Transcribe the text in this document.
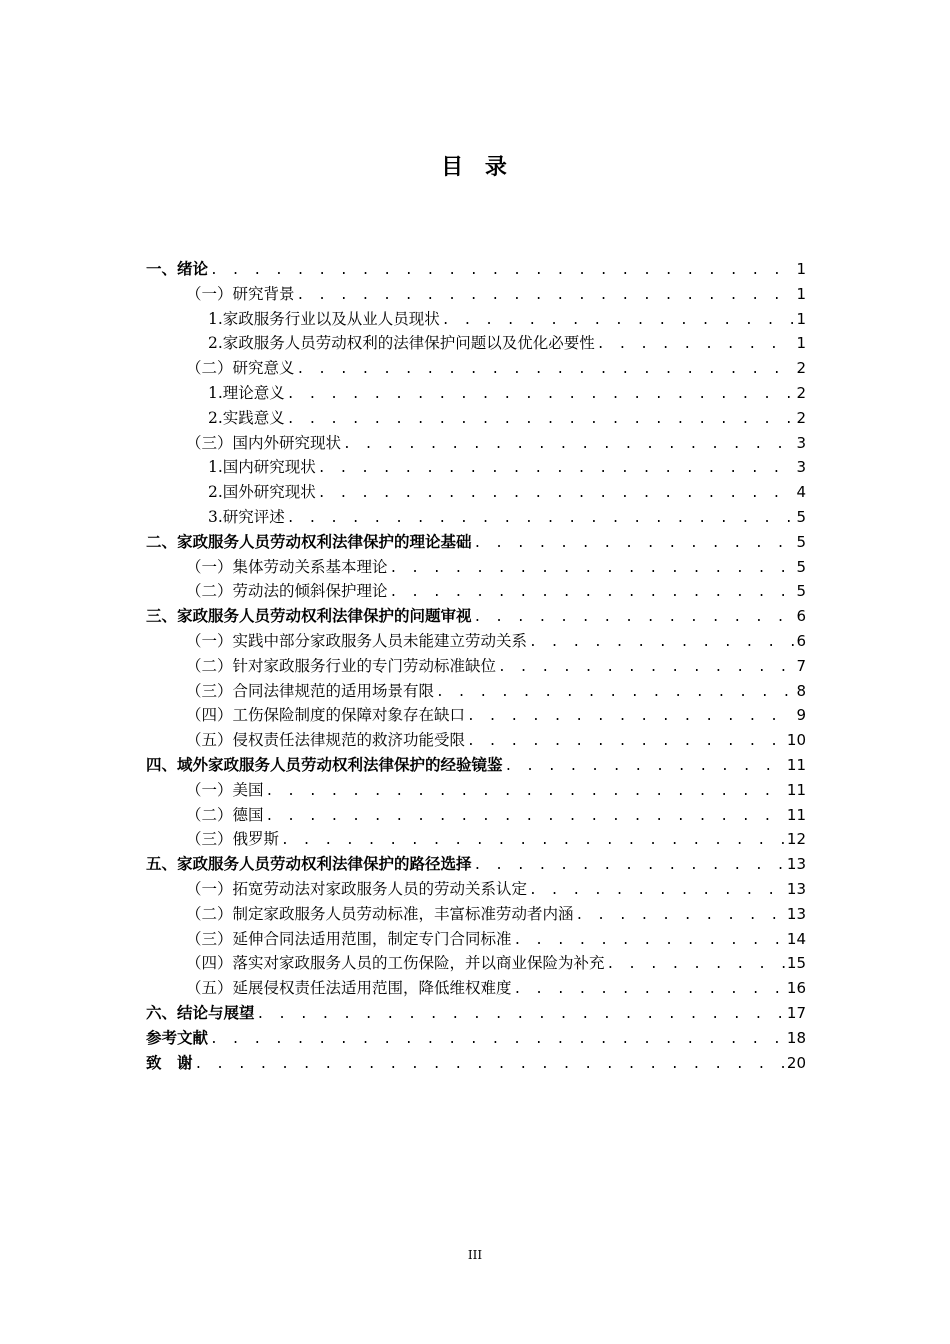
目 录
一、绪论 . . .	1
（一）研究背景 . . .	1
1.家政服务行业以及从业人员现状 . . .	1
2.家政服务人员劳动权利的法律保护问题以及优化必要性 . . .	1
（二）研究意义 . . .	2
1.理论意义 . . .	2
2.实践意义 . . .	2
（三）国内外研究现状 . . .	3
1.国内研究现状 . . .	3
2.国外研究现状 . . .	4
3.研究评述 . . .	5
二、家政服务人员劳动权利法律保护的理论基础 . . .	5
（一）集体劳动关系基本理论 . . .	5
（二）劳动法的倾斜保护理论 . . .	5
三、家政服务人员劳动权利法律保护的问题审视 . . .	6
（一）实践中部分家政服务人员未能建立劳动关系 . . .	6
（二）针对家政服务行业的专门劳动标准缺位 . . .	7
（三）合同法律规范的适用场景有限 . . .	8
（四）工伤保险制度的保障对象存在缺口 . . .	9
（五）侵权责任法律规范的救济功能受限 . . .	10
四、域外家政服务人员劳动权利法律保护的经验镜鉴 . . .	11
（一）美国 . . .	11
（二）德国 . . .	11
（三）俄罗斯 . . .	12
五、家政服务人员劳动权利法律保护的路径选择 . . .	13
（一）拓宽劳动法对家政服务人员的劳动关系认定 . . .	13
（二）制定家政服务人员劳动标准，丰富标准劳动者内涵 . . .	13
（三）延伸合同法适用范围，制定专门合同标准 . . .	14
（四）落实对家政服务人员的工伤保险，并以商业保险为补充 . . .	15
（五）延展侵权责任法适用范围，降低维权难度 . . .	16
六、结论与展望 . . .	17
参考文献 . . .	18
致　谢 . . .	20
III
